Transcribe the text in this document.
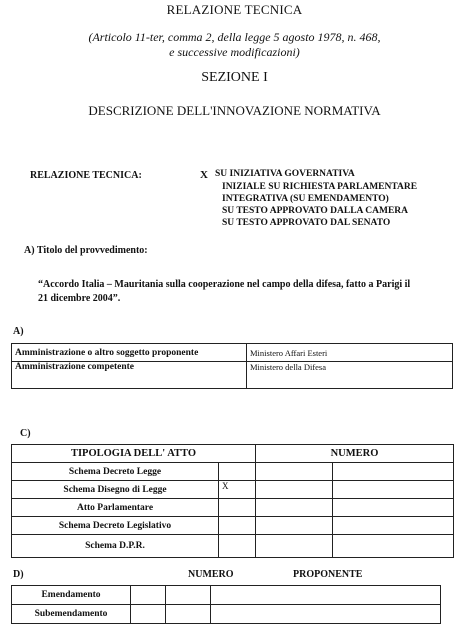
RELAZIONE TECNICA
(Articolo 11-ter, comma 2, della legge 5 agosto 1978, n. 468,
e successive modificazioni)
SEZIONE I
DESCRIZIONE DELL'INNOVAZIONE NORMATIVA
RELAZIONE TECNICA:	X SU INIZIATIVA GOVERNATIVA
INIZIALE SU RICHIESTA PARLAMENTARE
INTEGRATIVA (SU EMENDAMENTO)
SU TESTO APPROVATO DALLA CAMERA
SU TESTO APPROVATO DAL SENATO
A) Titolo del provvedimento:
“Accordo Italia – Mauritania sulla cooperazione nel campo della difesa, fatto a Parigi il
21 dicembre 2004”.
A)
Amministrazione o altro soggetto proponente	Ministero Affari Esteri
Amministrazione competente	Ministero della Difesa
C)
TIPOLOGIA DELL' ATTO		NUMERO	
Schema Decreto Legge			
Schema Disegno di Legge	X		
Atto Parlamentare			
Schema Decreto Legislativo			
Schema D.P.R.			
D)	NUMERO	PROPONENTE
Emendamento			
Subemendamento			
